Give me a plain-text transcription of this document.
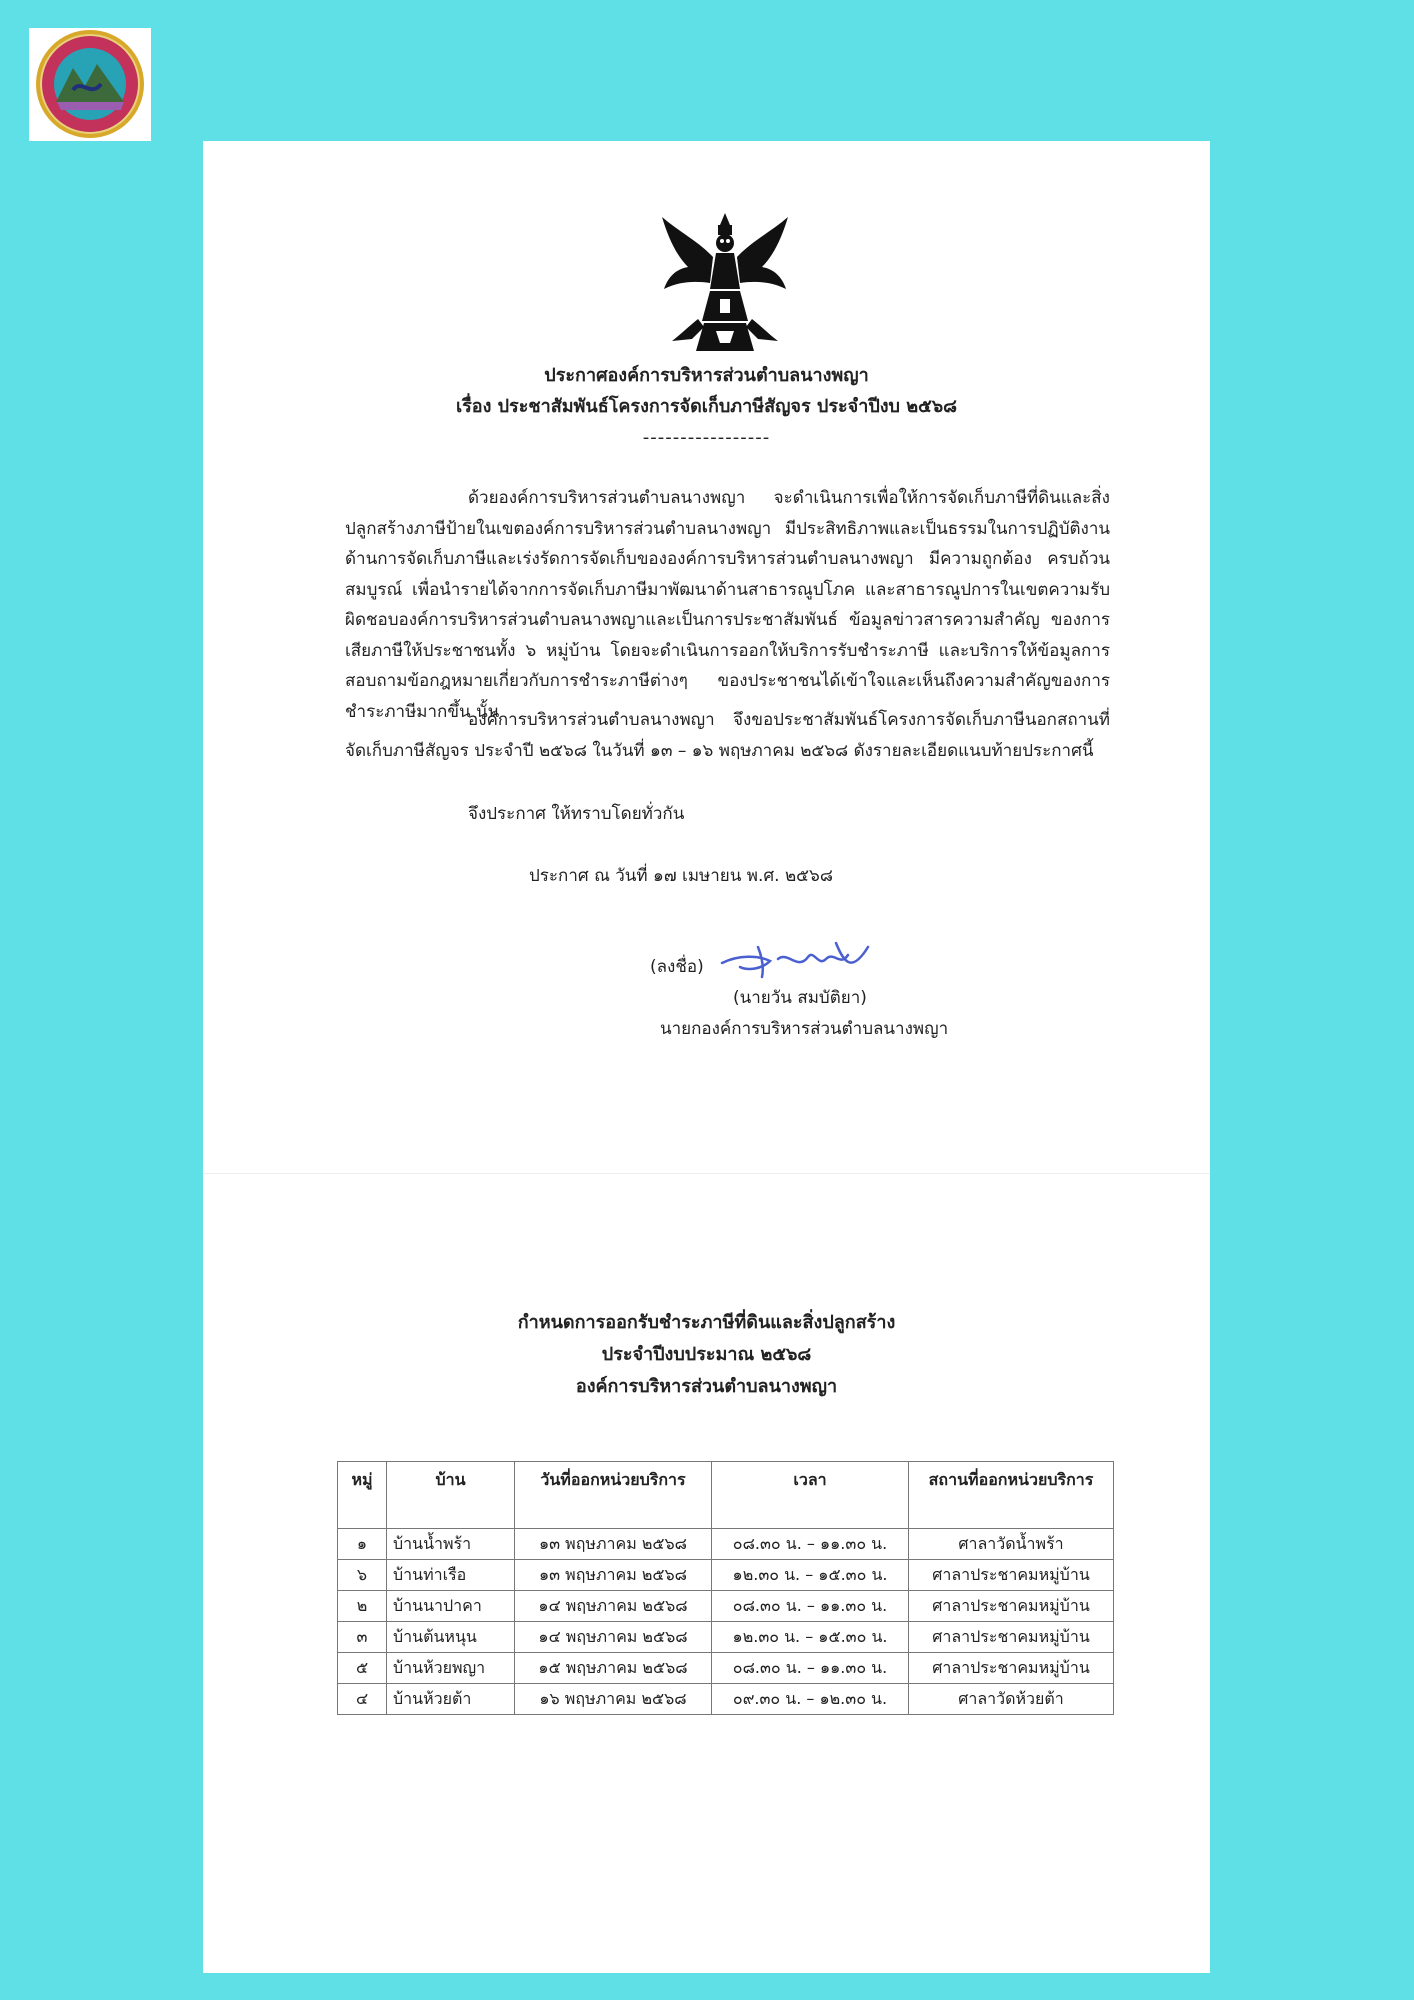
ประกาศองค์การบริหารส่วนตำบลนางพญา

เรื่อง ประชาสัมพันธ์โครงการจัดเก็บภาษีสัญจร ประจำปีงบ ๒๕๖๘

-----------------

ด้วยองค์การบริหารส่วนตำบลนางพญา จะดำเนินการเพื่อให้การจัดเก็บภาษีที่ดินและสิ่งปลูกสร้างภาษีป้ายในเขตองค์การบริหารส่วนตำบลนางพญา มีประสิทธิภาพและเป็นธรรมในการปฏิบัติงานด้านการจัดเก็บภาษีและเร่งรัดการจัดเก็บขององค์การบริหารส่วนตำบลนางพญา มีความถูกต้อง ครบถ้วนสมบูรณ์ เพื่อนำรายได้จากการจัดเก็บภาษีมาพัฒนาด้านสาธารณูปโภค และสาธารณูปการในเขตความรับผิดชอบองค์การบริหารส่วนตำบลนางพญาและเป็นการประชาสัมพันธ์ ข้อมูลข่าวสารความสำคัญ ของการเสียภาษีให้ประชาชนทั้ง ๖ หมู่บ้าน โดยจะดำเนินการออกให้บริการรับชำระภาษี และบริการให้ข้อมูลการสอบถามข้อกฎหมายเกี่ยวกับการชำระภาษีต่างๆ ของประชาชนได้เข้าใจและเห็นถึงความสำคัญของการชำระภาษีมากขึ้น นั้น

องค์การบริหารส่วนตำบลนางพญา จึงขอประชาสัมพันธ์โครงการจัดเก็บภาษีนอกสถานที่ จัดเก็บภาษีสัญจร ประจำปี ๒๕๖๘ ในวันที่ ๑๓ – ๑๖ พฤษภาคม ๒๕๖๘ ดังรายละเอียดแนบท้ายประกาศนี้

จึงประกาศ ให้ทราบโดยทั่วกัน

ประกาศ ณ วันที่ ๑๗ เมษายน พ.ศ. ๒๕๖๘

(ลงชื่อ)

(นายวัน สมบัติยา)

นายกองค์การบริหารส่วนตำบลนางพญา

กำหนดการออกรับชำระภาษีที่ดินและสิ่งปลูกสร้าง

ประจำปีงบประมาณ ๒๕๖๘

องค์การบริหารส่วนตำบลนางพญา

หมู่	บ้าน	วันที่ออกหน่วยบริการ	เวลา	สถานที่ออกหน่วยบริการ
๑	บ้านน้ำพร้า	๑๓ พฤษภาคม ๒๕๖๘	๐๘.๓๐ น. – ๑๑.๓๐ น.	ศาลาวัดน้ำพร้า
๖	บ้านท่าเรือ	๑๓ พฤษภาคม ๒๕๖๘	๑๒.๓๐ น. – ๑๕.๓๐ น.	ศาลาประชาคมหมู่บ้าน
๒	บ้านนาปาคา	๑๔ พฤษภาคม ๒๕๖๘	๐๘.๓๐ น. – ๑๑.๓๐ น.	ศาลาประชาคมหมู่บ้าน
๓	บ้านต้นหนุน	๑๔ พฤษภาคม ๒๕๖๘	๑๒.๓๐ น. – ๑๕.๓๐ น.	ศาลาประชาคมหมู่บ้าน
๕	บ้านห้วยพญา	๑๕ พฤษภาคม ๒๕๖๘	๐๘.๓๐ น. – ๑๑.๓๐ น.	ศาลาประชาคมหมู่บ้าน
๔	บ้านห้วยต้า	๑๖ พฤษภาคม ๒๕๖๘	๐๙.๓๐ น. – ๑๒.๓๐ น.	ศาลาวัดห้วยต้า
